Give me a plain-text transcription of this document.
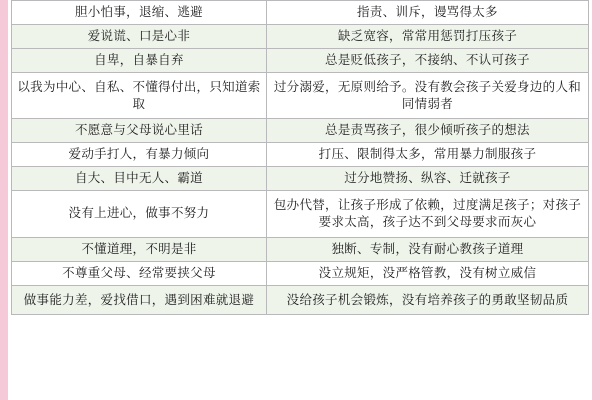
胆小怕事，退缩、逃避	指责、训斥，谩骂得太多
爱说谎、口是心非	缺乏宽容，常常用惩罚打压孩子
自卑，自暴自弃	总是贬低孩子，不接纳、不认可孩子
以我为中心、自私、不懂得付出，只知道索取	过分溺爱，无原则给予。没有教会孩子关爱身边的人和同情弱者
不愿意与父母说心里话	总是责骂孩子，很少倾听孩子的想法
爱动手打人，有暴力倾向	打压、限制得太多，常用暴力制服孩子
自大、目中无人、霸道	过分地赞扬、纵容、迁就孩子
没有上进心，做事不努力	包办代替，让孩子形成了依赖，过度满足孩子；对孩子要求太高，孩子达不到父母要求而灰心
不懂道理，不明是非	独断、专制，没有耐心教孩子道理
不尊重父母、经常要挟父母	没立规矩，没严格管教，没有树立威信
做事能力差，爱找借口，遇到困难就退避	没给孩子机会锻炼，没有培养孩子的勇敢坚韧品质
